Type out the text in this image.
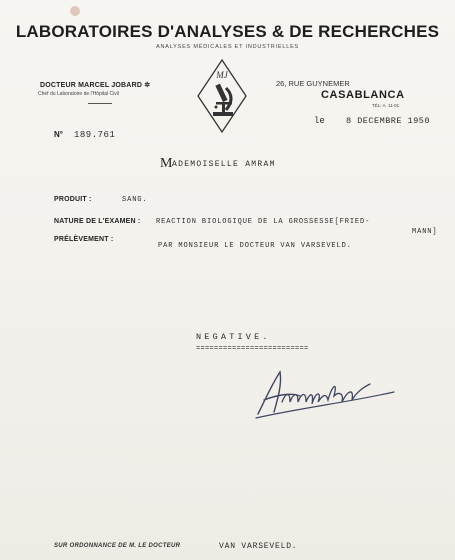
LABORATOIRES D'ANALYSES & DE RECHERCHES
ANALYSES MÉDICALES ET INDUSTRIELLES
DOCTEUR MARCEL JOBARD ✲
Chef du Laboratoire de l'Hôpital Civil
MJ
26, RUE GUYNEMER
CASABLANCA
TÉL: A. 11-01
le 8 DECEMBRE 1950
N° 189.761
M ADEMOISELLE AMRAM
PRODUIT :	SANG.
NATURE DE L'EXAMEN : REACTION BIOLOGIQUE DE LA GROSSESSE[FRIED-
MANN]
PRÉLÈVEMENT :
PAR MONSIEUR LE DOCTEUR VAN VARSEVELD.
NEGATIVE.
=========================
SUR ORDONNANCE DE M. LE DOCTEUR	VAN VARSEVELD.
